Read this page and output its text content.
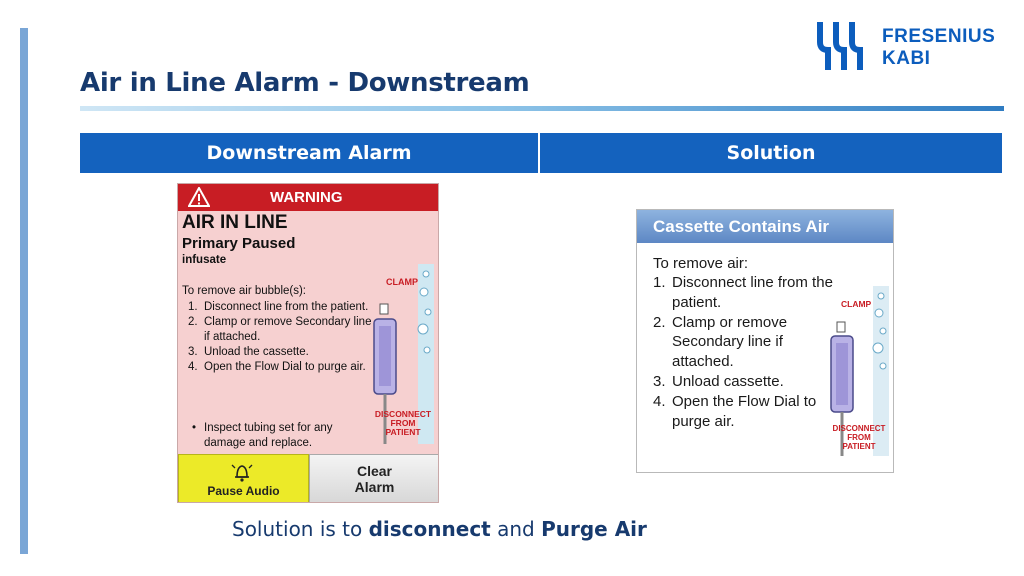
Air in Line Alarm - Downstream
FRESENIUS
KABI
Downstream Alarm	Solution
WARNING
AIR IN LINE
Primary Paused
infusate
To remove air bubble(s):
1. Disconnect line from the patient.
2. Clamp or remove Secondary line if attached.
3. Unload the cassette.
4. Open the Flow Dial to purge air.
• Inspect tubing set for any damage and replace.
CLAMP
DISCONNECT
FROM
PATIENT
Pause Audio
Clear
Alarm
Cassette Contains Air
To remove air:
1. Disconnect line from the patient.
2. Clamp or remove Secondary line if attached.
3. Unload cassette.
4. Open the Flow Dial to purge air.
CLAMP
DISCONNECT
FROM
PATIENT
Solution is to disconnect and Purge Air
